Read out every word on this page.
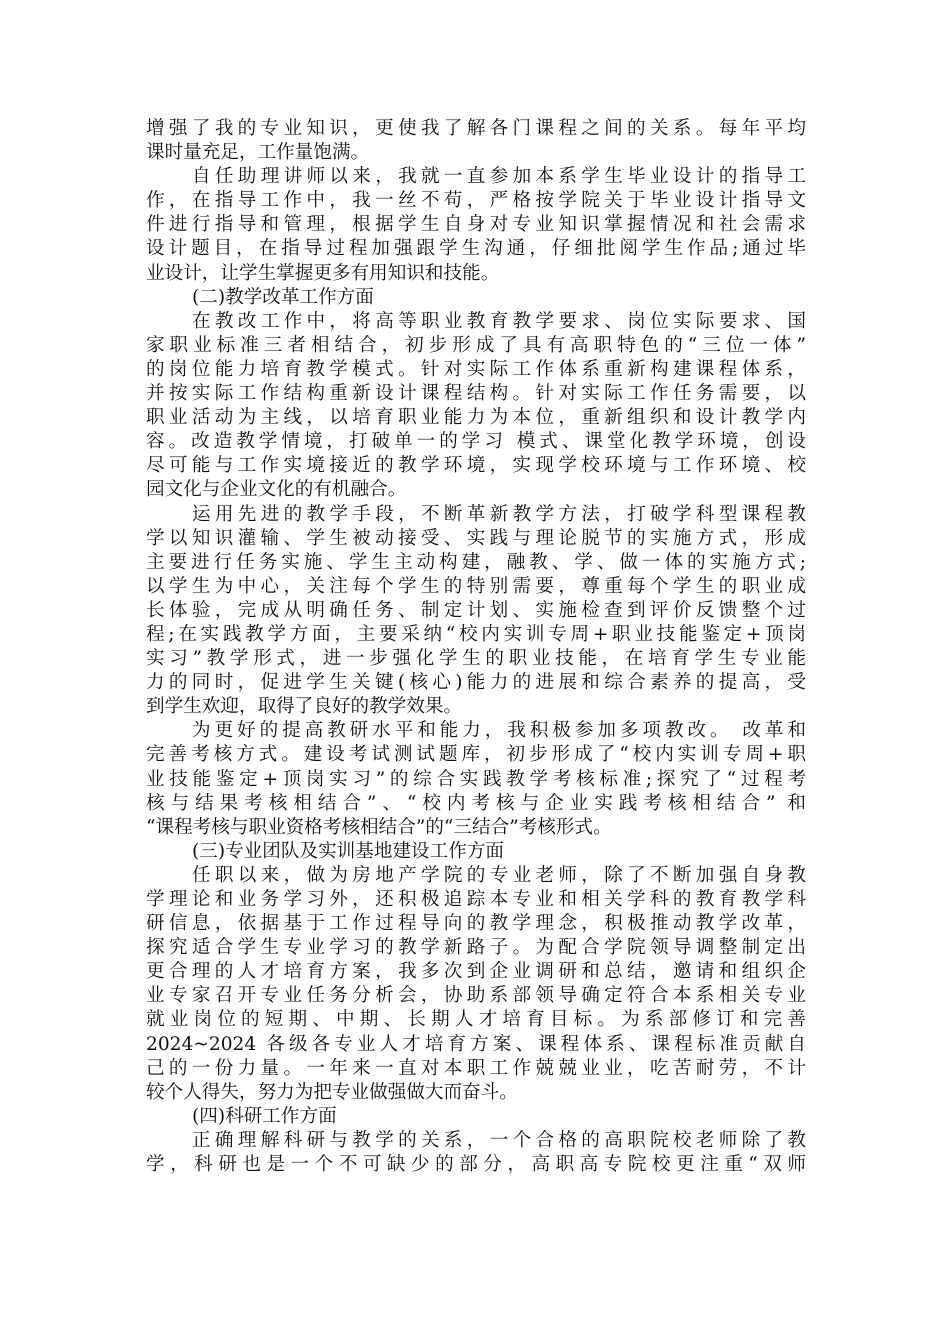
增强了我的专业知识，更使我了解各门课程之间的关系。每年平均
课时量充足，工作量饱满。
自任助理讲师以来，我就一直参加本系学生毕业设计的指导工
作，在指导工作中，我一丝不苟，严格按学院关于毕业设计指导文
件进行指导和管理，根据学生自身对专业知识掌握情况和社会需求
设计题目，在指导过程加强跟学生沟通，仔细批阅学生作品;通过毕
业设计，让学生掌握更多有用知识和技能。
(二)教学改革工作方面
在教改工作中，将高等职业教育教学要求、岗位实际要求、国
家职业标准三者相结合，初步形成了具有高职特色的“三位一体”
的岗位能力培育教学模式。针对实际工作体系重新构建课程体系，
并按实际工作结构重新设计课程结构。针对实际工作任务需要，以
职业活动为主线，以培育职业能力为本位，重新组织和设计教学内
容。改造教学情境，打破单一的学习 模式、课堂化教学环境，创设
尽可能与工作实境接近的教学环境，实现学校环境与工作环境、校
园文化与企业文化的有机融合。
运用先进的教学手段，不断革新教学方法，打破学科型课程教
学以知识灌输、学生被动接受、实践与理论脱节的实施方式，形成
主要进行任务实施、学生主动构建，融教、学、做一体的实施方式;
以学生为中心，关注每个学生的特别需要，尊重每个学生的职业成
长体验，完成从明确任务、制定计划、实施检查到评价反馈整个过
程;在实践教学方面，主要采纳“校内实训专周+职业技能鉴定+顶岗
实习”教学形式，进一步强化学生的职业技能，在培育学生专业能
力的同时，促进学生关键(核心)能力的进展和综合素养的提高，受
到学生欢迎，取得了良好的教学效果。
为更好的提高教研水平和能力，我积极参加多项教改。 改革和
完善考核方式。建设考试测试题库，初步形成了“校内实训专周+职
业技能鉴定+顶岗实习”的综合实践教学考核标准;探究了“过程考
核与结果考核相结合”、“校内考核与企业实践考核相结合” 和
“课程考核与职业资格考核相结合”的“三结合”考核形式。
(三)专业团队及实训基地建设工作方面
任职以来，做为房地产学院的专业老师，除了不断加强自身教
学理论和业务学习外，还积极追踪本专业和相关学科的教育教学科
研信息，依据基于工作过程导向的教学理念，积极推动教学改革，
探究适合学生专业学习的教学新路子。为配合学院领导调整制定出
更合理的人才培育方案，我多次到企业调研和总结，邀请和组织企
业专家召开专业任务分析会，协助系部领导确定符合本系相关专业
就业岗位的短期、中期、长期人才培育目标。为系部修订和完善
2024~2024 各级各专业人才培育方案、课程体系、课程标准贡献自
己的一份力量。一年来一直对本职工作兢兢业业，吃苦耐劳，不计
较个人得失，努力为把专业做强做大而奋斗。
(四)科研工作方面
正确理解科研与教学的关系，一个合格的高职院校老师除了教
学，科研也是一个不可缺少的部分，高职高专院校更注重“双师
